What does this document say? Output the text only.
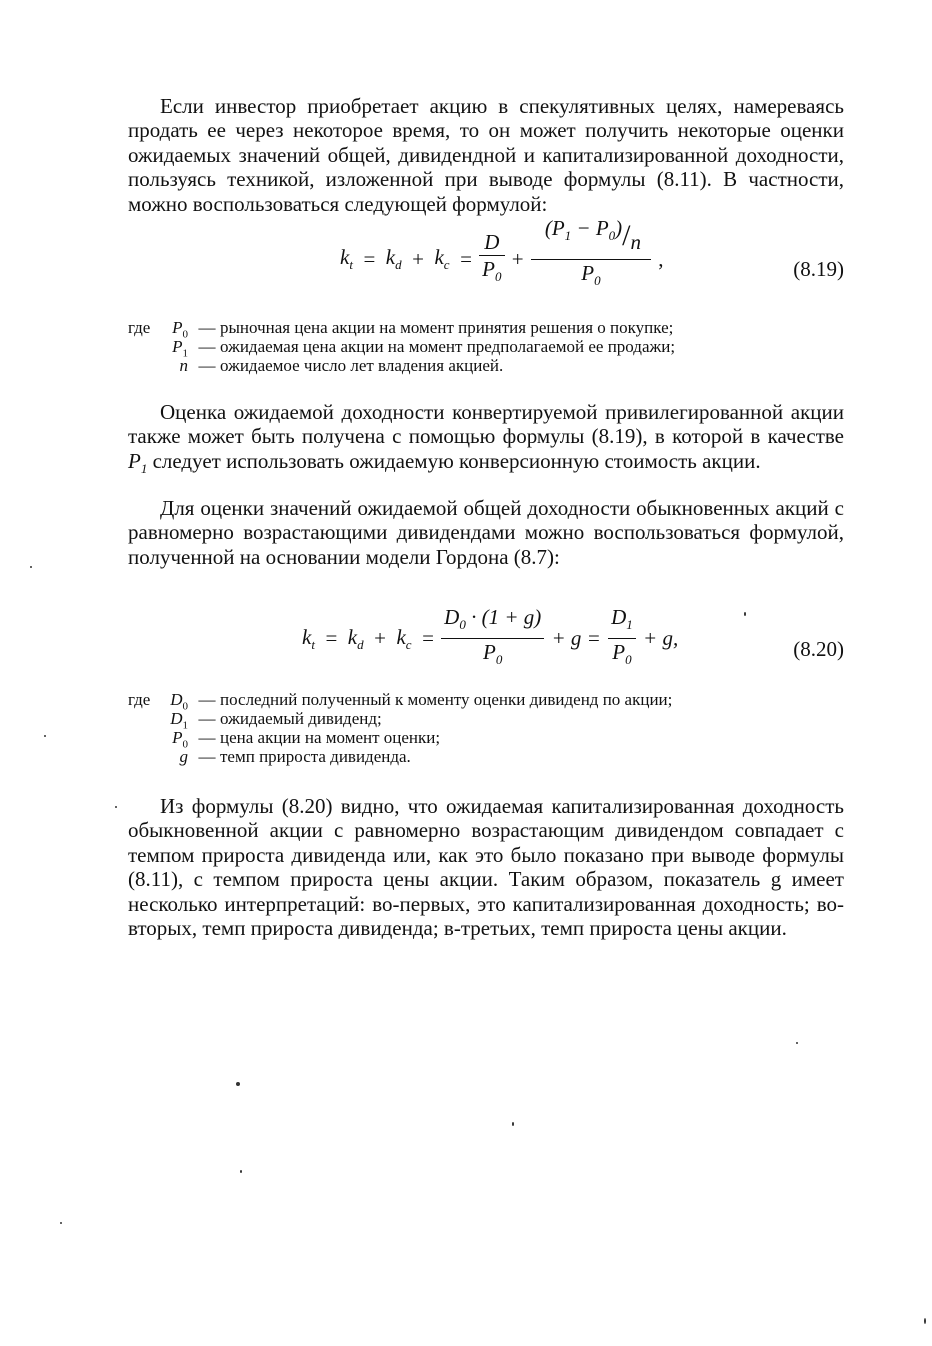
Если инвестор приобретает акцию в спекулятивных целях, намереваясь продать ее через некоторое время, то он может получить некоторые оценки ожидаемых значений общей, дивидендной и капитализированной доходности, пользуясь техникой, изложенной при выводе формулы (8.11). В частности, можно воспользоваться следующей формулой:
$k_t = k_d + k_c = \frac{D}{P_0} + \frac{(P_1 - P_0)/n}{P_0}$ ,	(8.19)
где	$P_0$ — рыночная цена акции на момент принятия решения о покупке;
$P_1$ — ожидаемая цена акции на момент предполагаемой ее продажи;
n — ожидаемое число лет владения акцией.
Оценка ожидаемой доходности конвертируемой привилегированной акции также может быть получена с помощью формулы (8.19), в которой в качестве $P_1$ следует использовать ожидаемую конверсионную стоимость акции.
Для оценки значений ожидаемой общей доходности обыкновенных акций с равномерно возрастающими дивидендами можно воспользоваться формулой, полученной на основании модели Гордона (8.7):
$k_t = k_d + k_c = \frac{D_0 \cdot (1 + g)}{P_0} + g = \frac{D_1}{P_0} + g$,	(8.20)
где	$D_0$ — последний полученный к моменту оценки дивиденд по акции;
$D_1$ — ожидаемый дивиденд;
$P_0$ — цена акции на момент оценки;
g — темп прироста дивиденда.
Из формулы (8.20) видно, что ожидаемая капитализированная доходность обыкновенной акции с равномерно возрастающим дивидендом совпадает с темпом прироста дивиденда или, как это было показано при выводе формулы (8.11), с темпом прироста цены акции. Таким образом, показатель g имеет несколько интерпретаций: во-первых, это капитализированная доходность; во-вторых, темп прироста дивиденда; в-третьих, темп прироста цены акции.
